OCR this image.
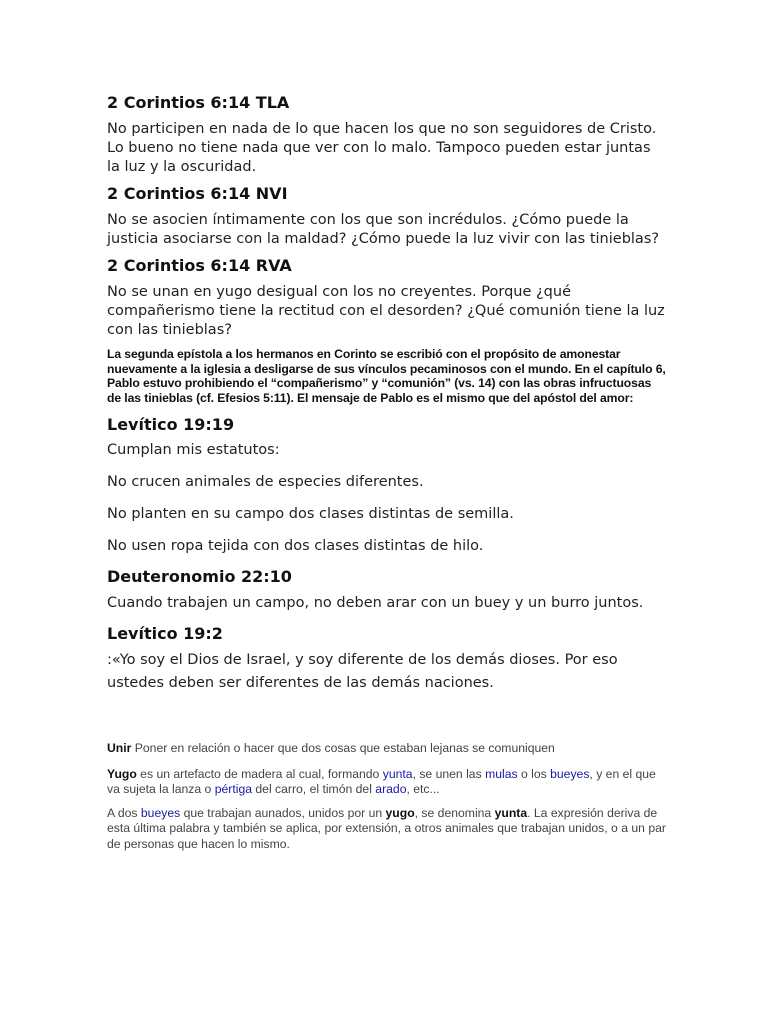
2 Corintios 6:14 TLA

No participen en nada de lo que hacen los que no son seguidores de Cristo. Lo bueno no tiene nada que ver con lo malo. Tampoco pueden estar juntas la luz y la oscuridad.

2 Corintios 6:14 NVI

No se asocien íntimamente con los que son incrédulos. ¿Cómo puede la justicia asociarse con la maldad? ¿Cómo puede la luz vivir con las tinieblas?

2 Corintios 6:14 RVA

No se unan en yugo desigual con los no creyentes. Porque ¿qué compañerismo tiene la rectitud con el desorden? ¿Qué comunión tiene la luz con las tinieblas?

La segunda epístola a los hermanos en Corinto se escribió con el propósito de amonestar nuevamente a la iglesia a desligarse de sus vínculos pecaminosos con el mundo. En el capítulo 6, Pablo estuvo prohibiendo el “compañerismo” y “comunión” (vs. 14) con las obras infructuosas de las tinieblas (cf. Efesios 5:11). El mensaje de Pablo es el mismo que del apóstol del amor:

Levítico 19:19

Cumplan mis estatutos:

No crucen animales de especies diferentes.

No planten en su campo dos clases distintas de semilla.

No usen ropa tejida con dos clases distintas de hilo.

Deuteronomio 22:10

Cuando trabajen un campo, no deben arar con un buey y un burro juntos.

Levítico 19:2

:«Yo soy el Dios de Israel, y soy diferente de los demás dioses. Por eso ustedes deben ser diferentes de las demás naciones.

Unir Poner en relación o hacer que dos cosas que estaban lejanas se comuniquen

Yugo es un artefacto de madera al cual, formando yunta, se unen las mulas o los bueyes, y en el que va sujeta la lanza o pértiga del carro, el timón del arado, etc...

A dos bueyes que trabajan aunados, unidos por un yugo, se denomina yunta. La expresión deriva de esta última palabra y también se aplica, por extensión, a otros animales que trabajan unidos, o a un par de personas que hacen lo mismo.
